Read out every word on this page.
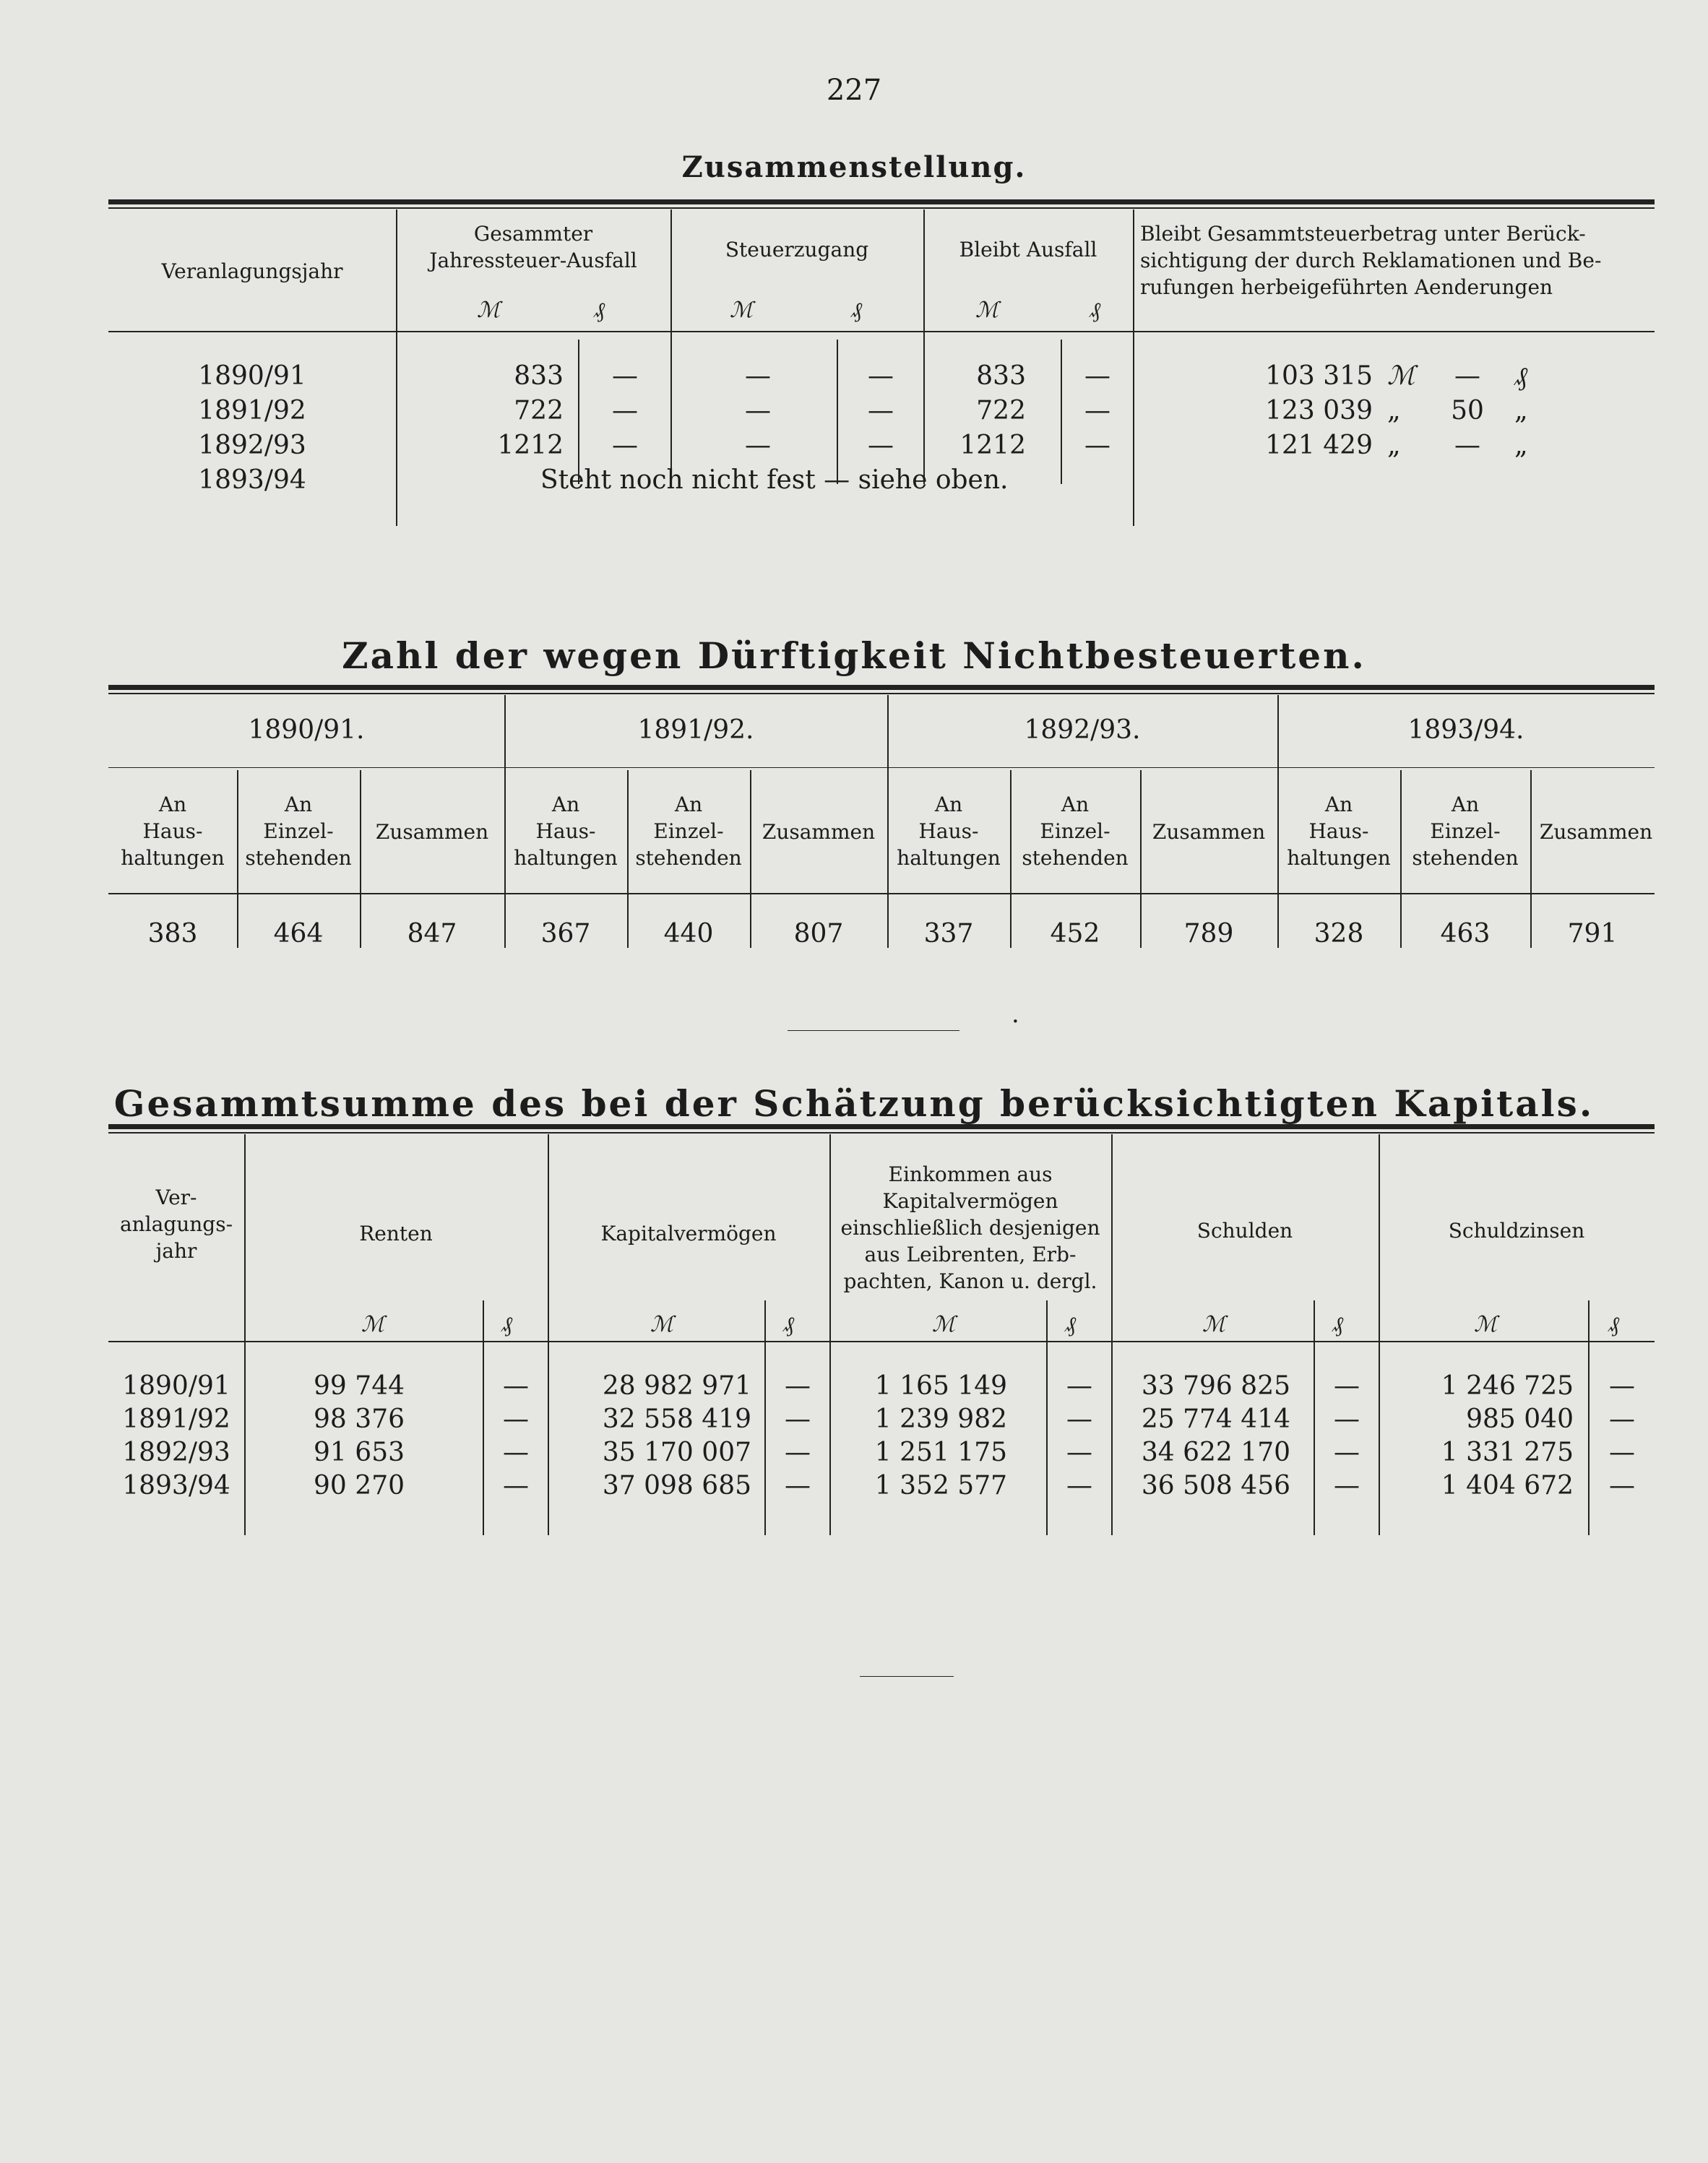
227
Zusammenstellung.
Veranlagungsjahr
Gesammter
Jahressteuer-Ausfall	Steuerzugang	Bleibt Ausfall
Bleibt Gesammtsteuerbetrag unter Berück-
sichtigung der durch Reklamationen und Be-
rufungen herbeigeführten Aenderungen
ℳ	₰	ℳ	₰	ℳ	₰
1890/91	833	—	—	—	833	—	103 315 ℳ	—	₰
1891/92	722	—	—	—	722	—	123 039 „	50	„
1892/93	1212	—	—	—	1212	—	121 429 „	—	„
1893/94	Steht noch nicht fest — siehe oben.
Zahl der wegen Dürftigkeit Nichtbesteuerten.
·
1890/91.
An
Haus-
haltungen
An
Einzel-
stehenden
Zusammen
383	464	847
1891/92.
An
Haus-
haltungen
An
Einzel-
stehenden
Zusammen
367	440	807
1892/93.
An
Haus-
haltungen
An
Einzel-
stehenden
Zusammen
337	452	789
1893/94.
An
Haus-
haltungen
An
Einzel-
stehenden
Zusammen
328	463	791
Gesammtsumme des bei der Schätzung berücksichtigten Kapitals.
Ver-
anlagungs-
jahr
Renten	Kapitalvermögen
Einkommen aus
Kapitalvermögen
einschließlich desjenigen
aus Leibrenten, Erb-
pachten, Kanon u. dergl.
Schulden	Schuldzinsen
ℳ	₰	ℳ	₰	ℳ	₰	ℳ	₰	ℳ	₰
1890/91	99 744	—	28 982 971	—	1 165 149	—	33 796 825	—	1 246 725	—
1891/92	98 376	—	32 558 419	—	1 239 982	—	25 774 414	—	985 040	—
1892/93	91 653	—	35 170 007	—	1 251 175	—	34 622 170	—	1 331 275	—
1893/94	90 270	—	37 098 685	—	1 352 577	—	36 508 456	—	1 404 672	—
